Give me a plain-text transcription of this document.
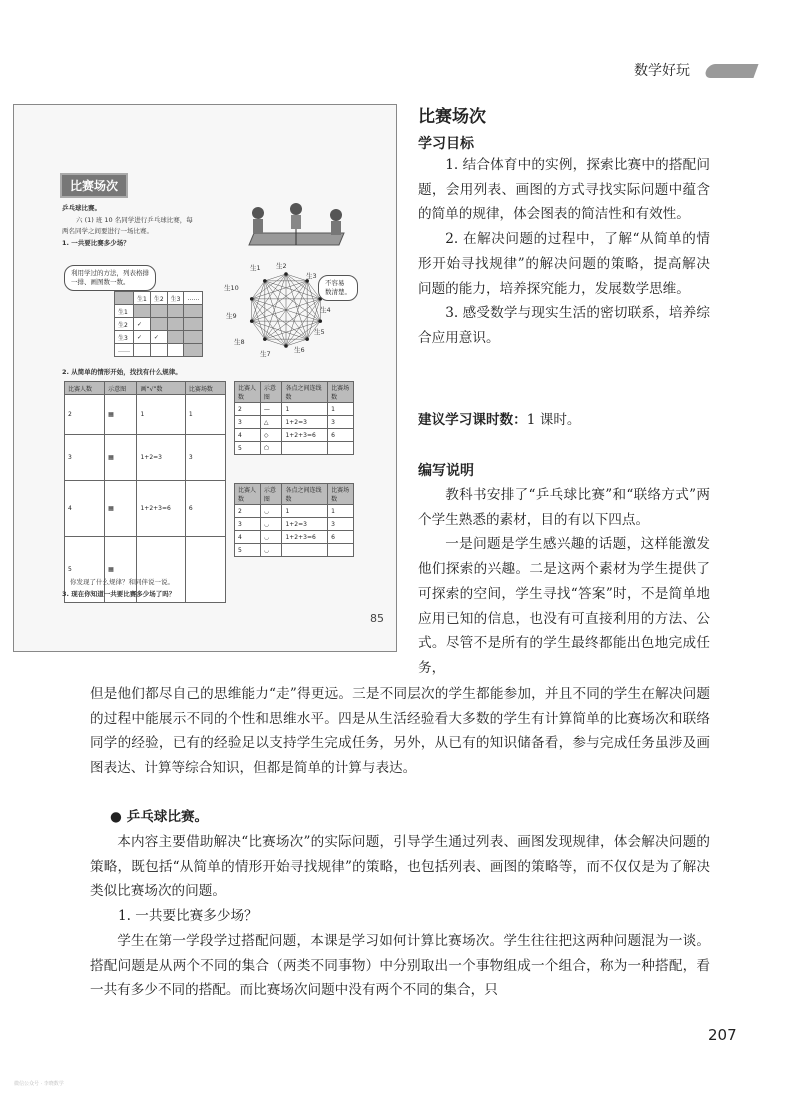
数学好玩
比赛场次
乒乓球比赛。
六 (1) 班 10 名同学进行乒乓球比赛，每
两名同学之间要进行一场比赛。
1. 一共要比赛多少场？
利用学过的方法，列表格排
一排、画图数一数。
	生1	生2	生3	……
生1				
生2	✓			
生3	✓	✓		
……				
生1 生2
生3
生4
生5
生6
生7
生8
生9
生10
不容易
数清楚。
2. 从简单的情形开始，找找有什么规律。
比赛人数	示意图	画“√”数	比赛场数
2	▦	1	1
3	▦	1+2=3	3
4	▦	1+2+3=6	6
5	▦		
比赛人数	示意图	各点之间连线数	比赛场数
2	—	1	1
3	△	1+2=3	3
4	◇	1+2+3=6	6
5	⬠		
比赛人数	示意图	各点之间连线数	比赛场数
2	◡	1	1
3	◡	1+2=3	3
4	◡	1+2+3=6	6
5	◡		
你发现了什么规律？和同伴说一说。
3. 现在你知道一共要比赛多少场了吗？
85
比赛场次
学习目标

1. 结合体育中的实例，探索比赛中的搭配问题，会用列表、画图的方式寻找实际问题中蕴含的简单的规律，体会图表的简洁性和有效性。

2. 在解决问题的过程中，了解“从简单的情形开始寻找规律”的解决问题的策略，提高解决问题的能力，培养探究能力，发展数学思维。

3. 感受数学与现实生活的密切联系，培养综合应用意识。

建议学习课时数：1 课时。
编写说明

教科书安排了“乒乓球比赛”和“联络方式”两个学生熟悉的素材，目的有以下四点。

一是问题是学生感兴趣的话题，这样能激发他们探索的兴趣。二是这两个素材为学生提供了可探索的空间，学生寻找“答案”时，不是简单地应用已知的信息，也没有可直接利用的方法、公式。尽管不是所有的学生最终都能出色地完成任务，

但是他们都尽自己的思维能力“走”得更远。三是不同层次的学生都能参加，并且不同的学生在解决问题的过程中能展示不同的个性和思维水平。四是从生活经验看大多数的学生有计算简单的比赛场次和联络同学的经验，已有的经验足以支持学生完成任务，另外，从已有的知识储备看，参与完成任务虽涉及画图表达、计算等综合知识，但都是简单的计算与表达。

● 乒乓球比赛。

本内容主要借助解决“比赛场次”的实际问题，引导学生通过列表、画图发现规律，体会解决问题的策略，既包括“从简单的情形开始寻找规律”的策略，也包括列表、画图的策略等，而不仅仅是为了解决类似比赛场次的问题。

1. 一共要比赛多少场？

学生在第一学段学过搭配问题，本课是学习如何计算比赛场次。学生往往把这两种问题混为一谈。搭配问题是从两个不同的集合（两类不同事物）中分别取出一个事物组成一个组合，称为一种搭配，看一共有多少不同的搭配。而比赛场次问题中没有两个不同的集合，只

207
微信公众号 · 李晓数学
